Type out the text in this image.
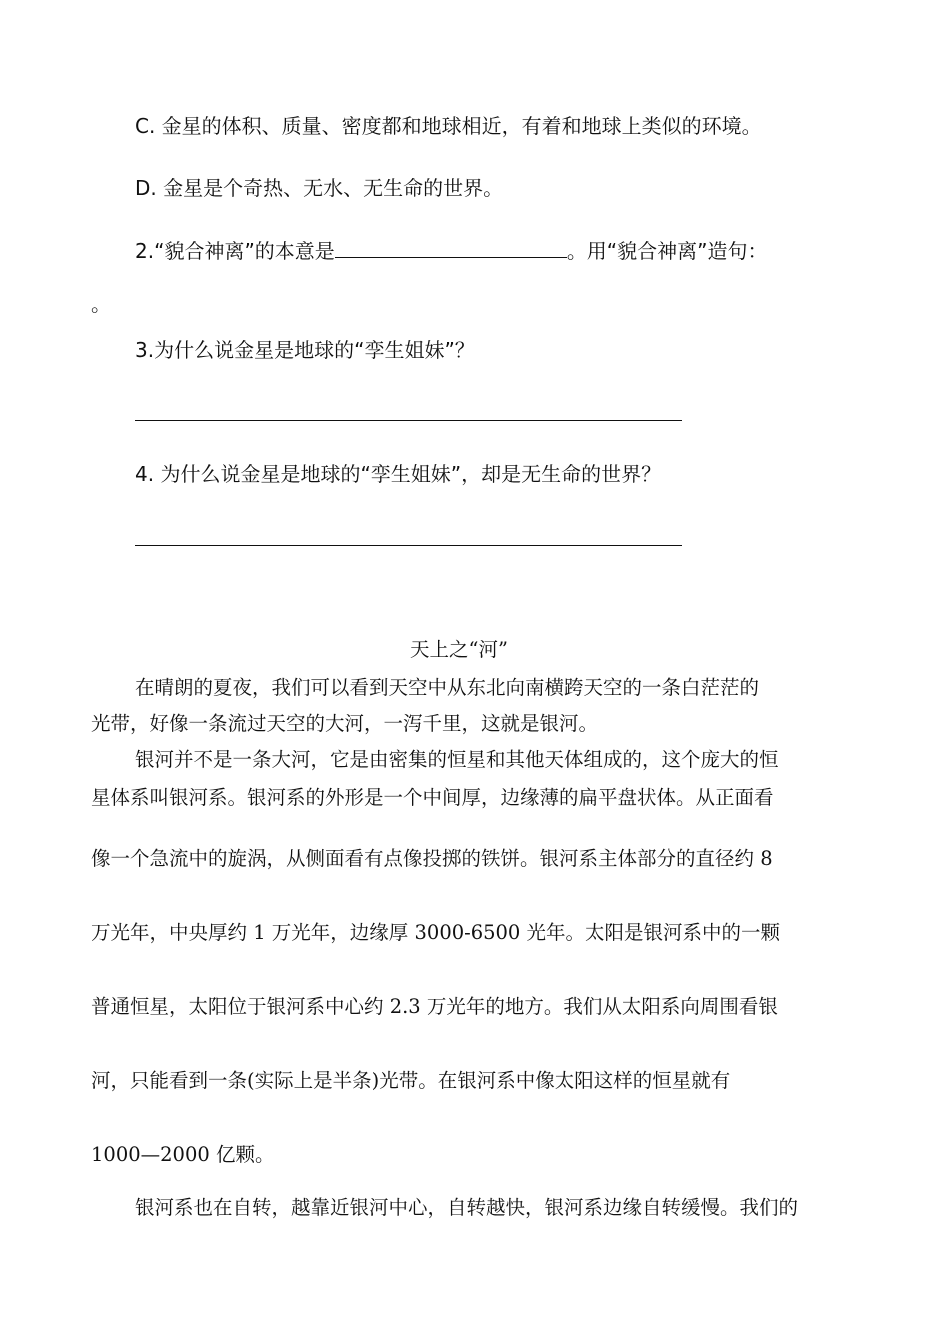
C. 金星的体积、质量、密度都和地球相近，有着和地球上类似的环境。
D. 金星是个奇热、无水、无生命的世界。
2.“貌合神离”的本意是	。用“貌合神离”造句：
。
3.为什么说金星是地球的“孪生姐妹”？
4. 为什么说金星是地球的“孪生姐妹”，却是无生命的世界？
天上之“河”
在晴朗的夏夜，我们可以看到天空中从东北向南横跨天空的一条白茫茫的
光带，好像一条流过天空的大河，一泻千里，这就是银河。
银河并不是一条大河，它是由密集的恒星和其他天体组成的，这个庞大的恒
星体系叫银河系。银河系的外形是一个中间厚，边缘薄的扁平盘状体。从正面看
像一个急流中的旋涡，从侧面看有点像投掷的铁饼。银河系主体部分的直径约 8
万光年，中央厚约 1 万光年，边缘厚 3000-6500 光年。太阳是银河系中的一颗
普通恒星，太阳位于银河系中心约 2.3 万光年的地方。我们从太阳系向周围看银
河，只能看到一条(实际上是半条)光带。在银河系中像太阳这样的恒星就有
1000—2000 亿颗。
银河系也在自转，越靠近银河中心，自转越快，银河系边缘自转缓慢。我们的
